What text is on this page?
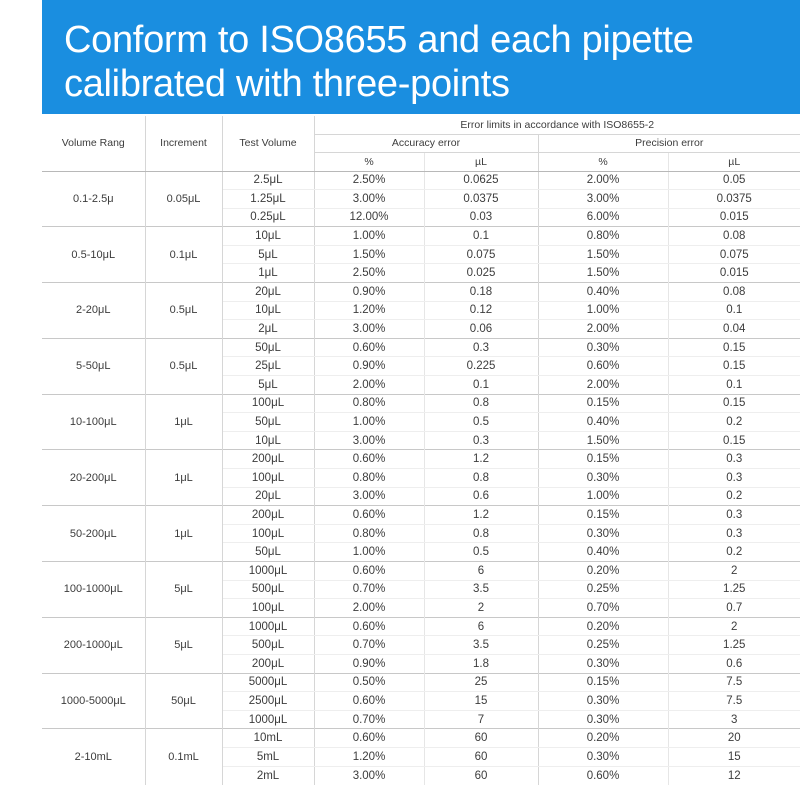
Conform to ISO8655 and each pipette
calibrated with three-points
Volume Rang	Increment	Test Volume	Error limits in accordance with ISO8655-2			
			Accuracy error		Precision error	
			%	µL	%	µL
0.1-2.5μ	0.05μL	2.5μL	2.50%	0.0625	2.00%	0.05
		1.25μL	3.00%	0.0375	3.00%	0.0375
		0.25μL	12.00%	0.03	6.00%	0.015
0.5-10μL	0.1μL	10μL	1.00%	0.1	0.80%	0.08
		5μL	1.50%	0.075	1.50%	0.075
		1μL	2.50%	0.025	1.50%	0.015
2-20μL	0.5μL	20μL	0.90%	0.18	0.40%	0.08
		10μL	1.20%	0.12	1.00%	0.1
		2μL	3.00%	0.06	2.00%	0.04
5-50μL	0.5μL	50μL	0.60%	0.3	0.30%	0.15
		25μL	0.90%	0.225	0.60%	0.15
		5μL	2.00%	0.1	2.00%	0.1
10-100μL	1μL	100μL	0.80%	0.8	0.15%	0.15
		50μL	1.00%	0.5	0.40%	0.2
		10μL	3.00%	0.3	1.50%	0.15
20-200μL	1μL	200μL	0.60%	1.2	0.15%	0.3
		100μL	0.80%	0.8	0.30%	0.3
		20μL	3.00%	0.6	1.00%	0.2
50-200μL	1μL	200μL	0.60%	1.2	0.15%	0.3
		100μL	0.80%	0.8	0.30%	0.3
		50μL	1.00%	0.5	0.40%	0.2
100-1000μL	5μL	1000μL	0.60%	6	0.20%	2
		500μL	0.70%	3.5	0.25%	1.25
		100μL	2.00%	2	0.70%	0.7
200-1000μL	5μL	1000μL	0.60%	6	0.20%	2
		500μL	0.70%	3.5	0.25%	1.25
		200μL	0.90%	1.8	0.30%	0.6
1000-5000μL	50μL	5000μL	0.50%	25	0.15%	7.5
		2500μL	0.60%	15	0.30%	7.5
		1000μL	0.70%	7	0.30%	3
2-10mL	0.1mL	10mL	0.60%	60	0.20%	20
		5mL	1.20%	60	0.30%	15
		2mL	3.00%	60	0.60%	12
